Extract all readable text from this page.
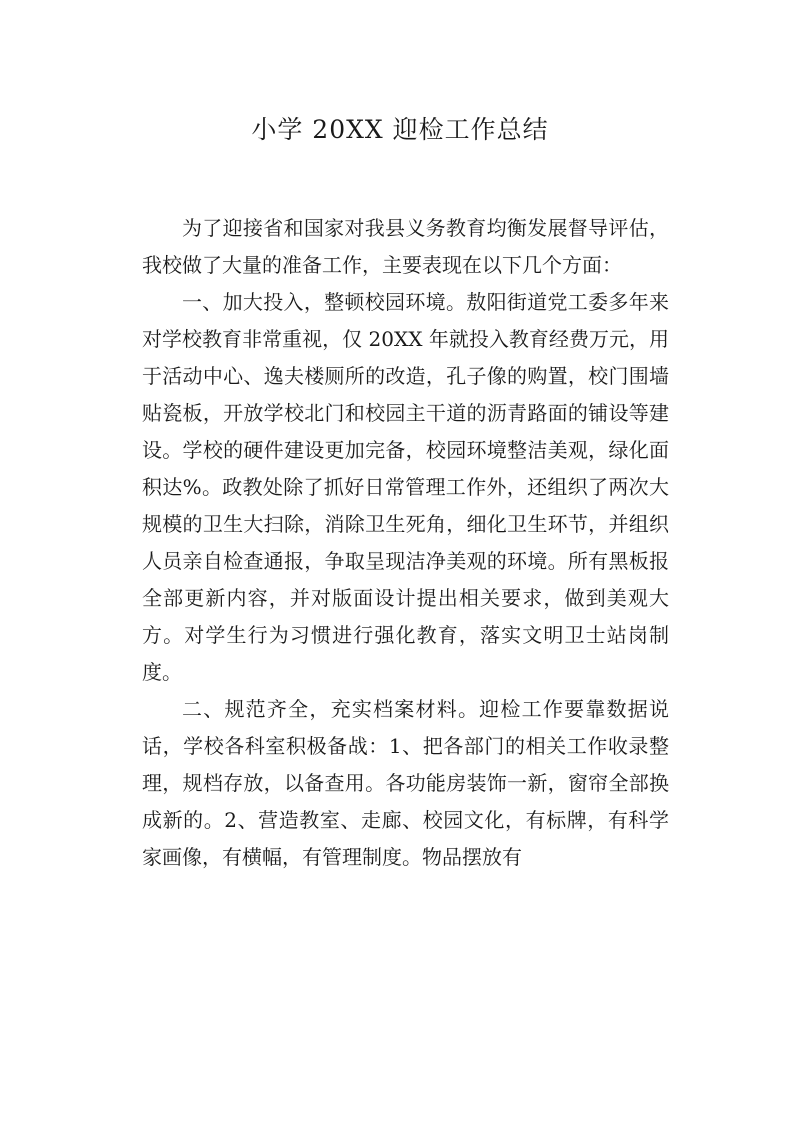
小学 20XX 迎检工作总结

为了迎接省和国家对我县义务教育均衡发展督导评估，我校做了大量的准备工作，主要表现在以下几个方面：

一、加大投入，整顿校园环境。敖阳街道党工委多年来对学校教育非常重视，仅 20XX 年就投入教育经费万元，用于活动中心、逸夫楼厕所的改造，孔子像的购置，校门围墙贴瓷板，开放学校北门和校园主干道的沥青路面的铺设等建设。学校的硬件建设更加完备，校园环境整洁美观，绿化面积达%。政教处除了抓好日常管理工作外，还组织了两次大规模的卫生大扫除，消除卫生死角，细化卫生环节，并组织人员亲自检查通报，争取呈现洁净美观的环境。所有黑板报全部更新内容，并对版面设计提出相关要求，做到美观大方。对学生行为习惯进行强化教育，落实文明卫士站岗制度。

二、规范齐全，充实档案材料。迎检工作要靠数据说话，学校各科室积极备战：1、把各部门的相关工作收录整理，规档存放，以备查用。各功能房装饰一新，窗帘全部换成新的。2、营造教室、走廊、校园文化，有标牌，有科学家画像，有横幅，有管理制度。物品摆放有
